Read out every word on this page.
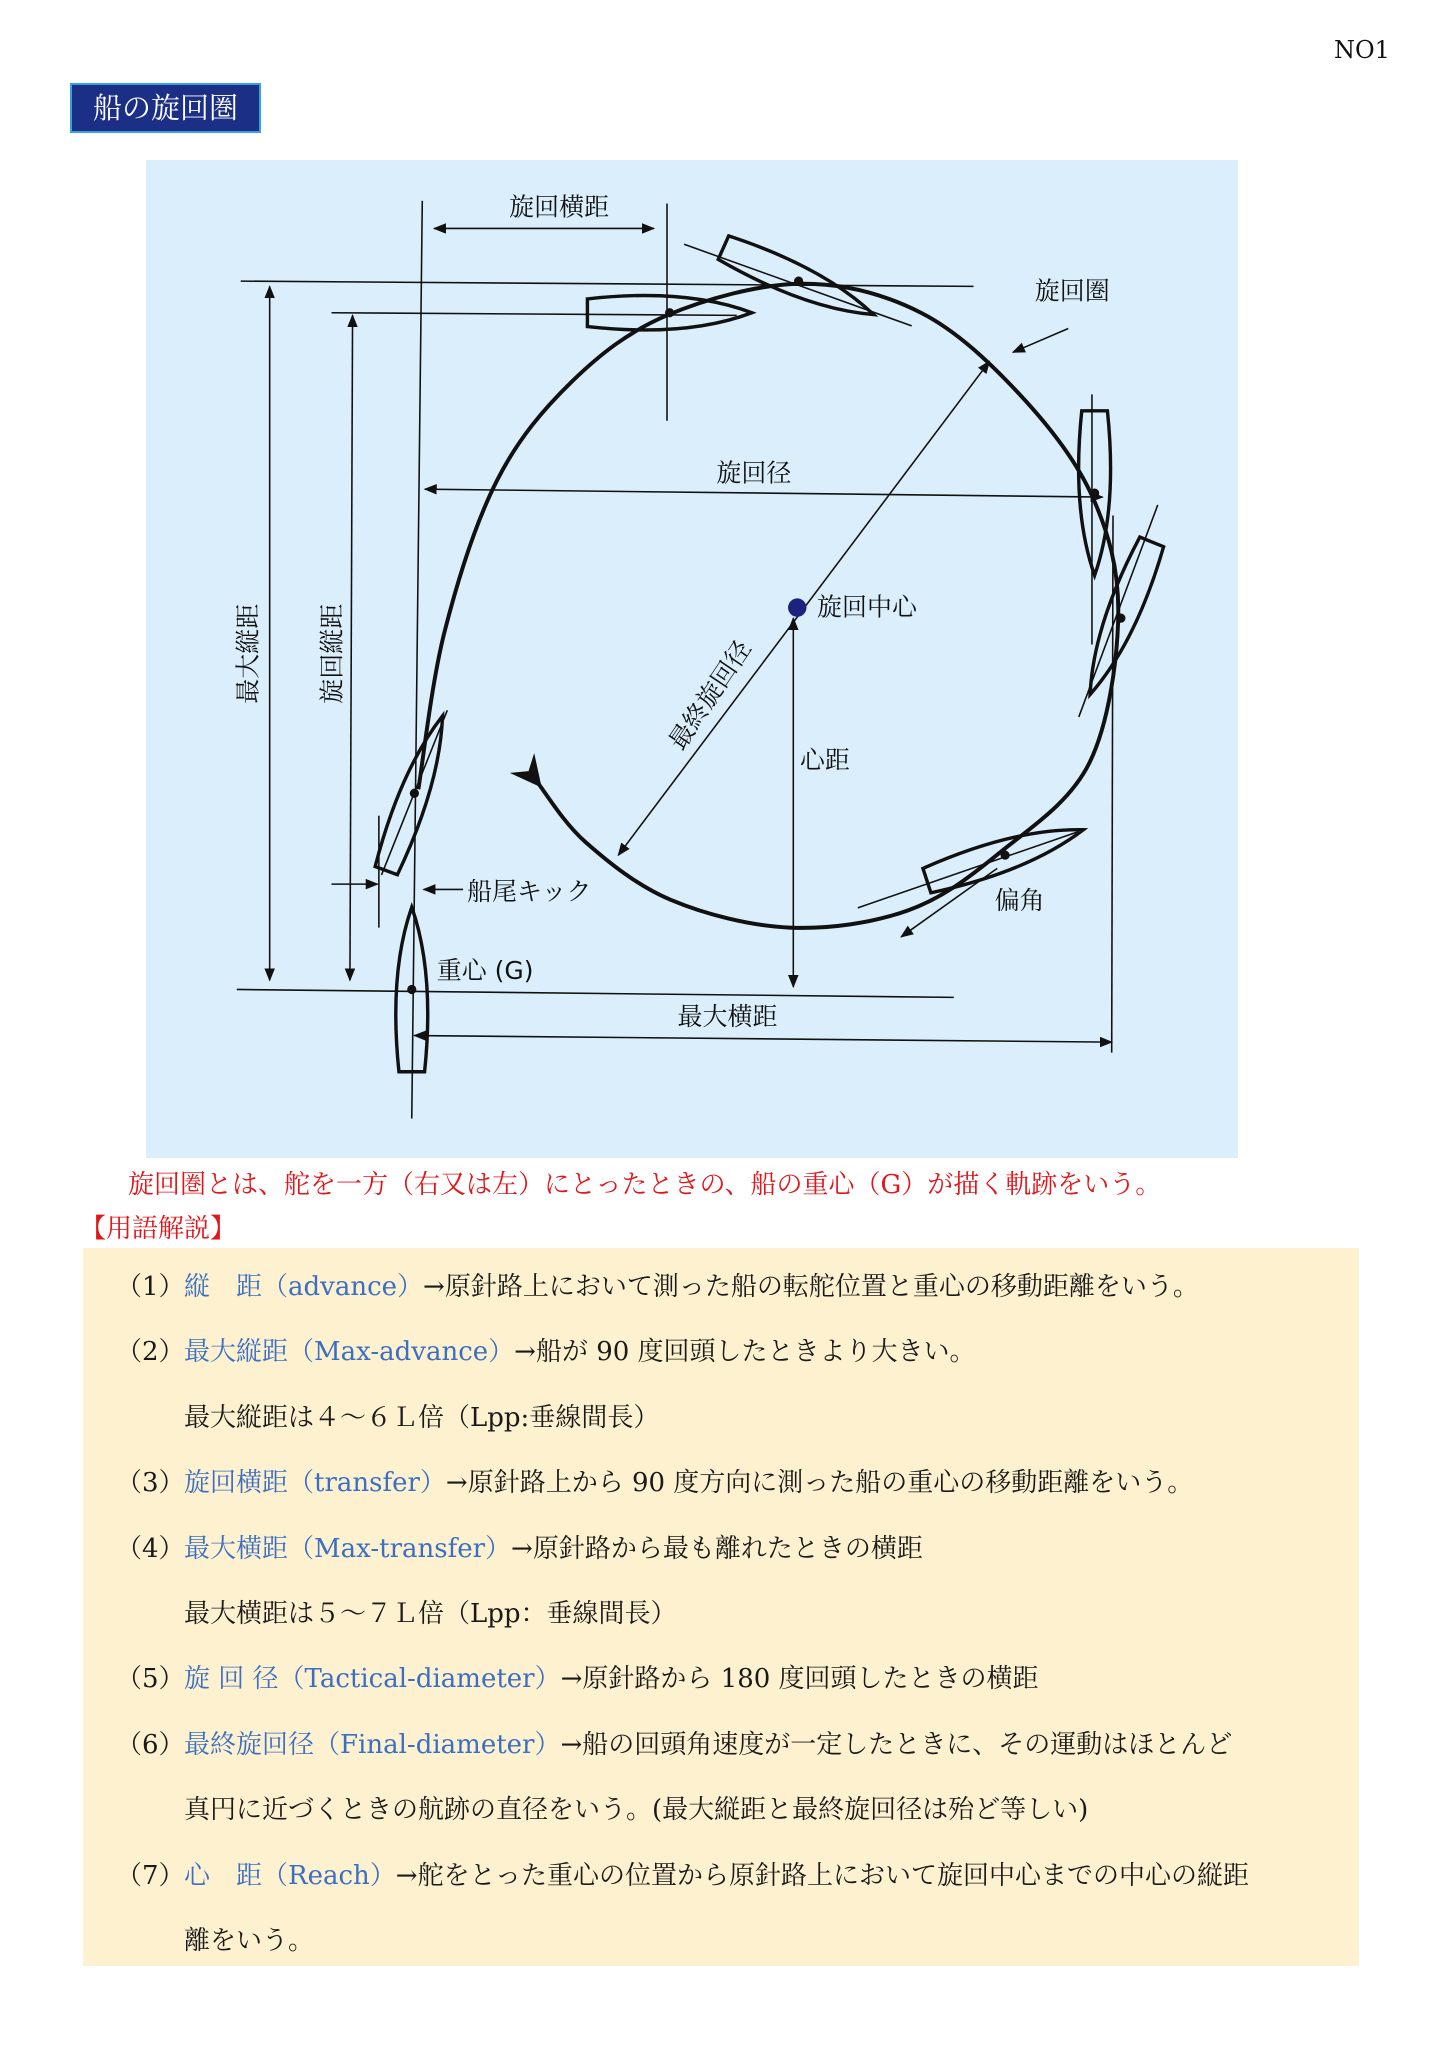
NO1
船の旋回圏
旋回横距
旋回圏
旋回径
旋回中心
最終旋回径
心距
最大縦距	旋回縦距
船尾キック
重心 (G)
最大横距
偏角
旋回圏とは、舵を一方（右又は左）にとったときの、船の重心（G）が描く軌跡をいう。
【用語解説】
（1） 縦　距（advance）→原針路上において測った船の転舵位置と重心の移動距離をいう。
（2） 最大縦距（Max-advance）→船が 90 度回頭したときより大きい。
最大縦距は４～６Ｌ倍（Lpp:垂線間長）
（3） 旋回横距（transfer）→原針路上から 90 度方向に測った船の重心の移動距離をいう。
（4） 最大横距（Max-transfer）→原針路から最も離れたときの横距
最大横距は５～７Ｌ倍（Lpp：垂線間長）
（5） 旋 回 径（Tactical-diameter）→原針路から 180 度回頭したときの横距
（6） 最終旋回径（Final-diameter）→船の回頭角速度が一定したときに、その運動はほとんど
真円に近づくときの航跡の直径をいう。(最大縦距と最終旋回径は殆ど等しい)
（7） 心　距（Reach）→舵をとった重心の位置から原針路上において旋回中心までの中心の縦距
離をいう。
